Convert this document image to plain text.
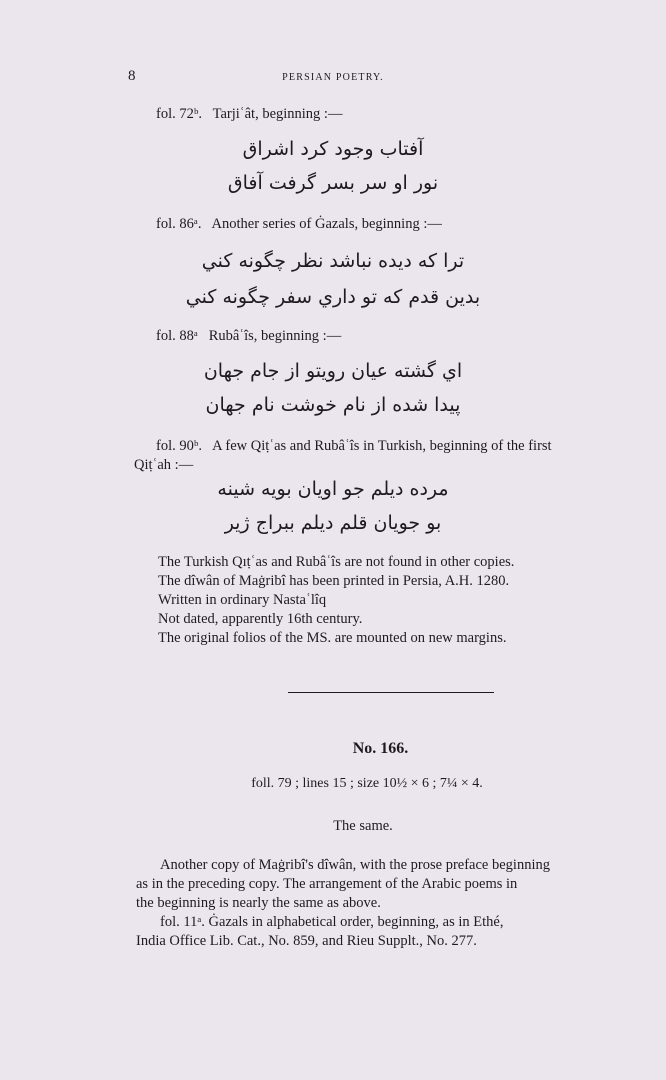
8	PERSIAN POETRY.
fol. 72ᵇ. Tarjiʿât, beginning :—
آفتاب وجود کرد اشراق
نور او سر بسر گرفت آفاق
fol. 86ᵃ. Another series of Ġazals, beginning :—
ترا که دیده نباشد نظر چگونه کني
بدین قدم که تو داري سفر چگونه کني
fol. 88ᵃ Rubâʿîs, beginning :—
اي گشته عیان رویتو از جام جهان
پیدا شده از نام خوشت نام جهان
fol. 90ᵇ. A few Qiṭʿas and Rubâʿîs in Turkish, beginning of the first
Qiṭʿah :—
مرده دیلم جو اویان بویه شینه
بو جویان قلم دیلم ببراج ژیر
The Turkish Qıṭʿas and Rubâʿîs are not found in other copies.
The dîwân of Maġribî has been printed in Persia, A.H. 1280.
Written in ordinary Nastaʿlîq
Not dated, apparently 16th century.
The original folios of the MS. are mounted on new margins.
No. 166.
foll. 79 ; lines 15 ; size 10½ × 6 ; 7¼ × 4.
The same.
Another copy of Maġribî's dîwân, with the prose preface beginning
as in the preceding copy. The arrangement of the Arabic poems in
the beginning is nearly the same as above.
fol. 11ᵃ. Ġazals in alphabetical order, beginning, as in Ethé,
India Office Lib. Cat., No. 859, and Rieu Supplt., No. 277.
